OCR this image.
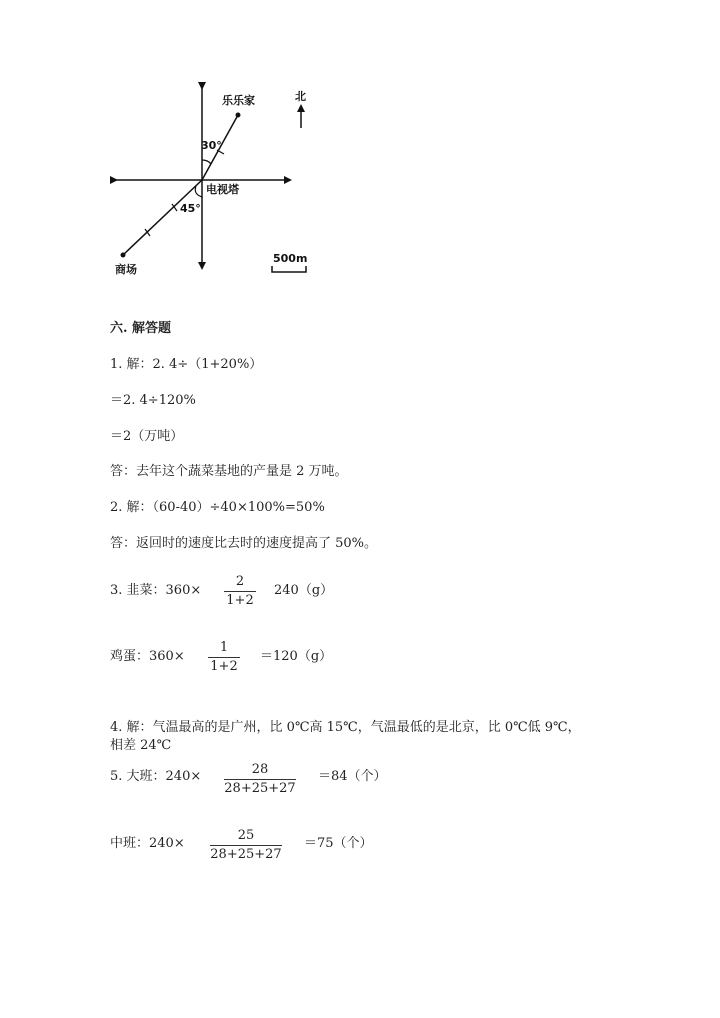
乐乐家
电视塔
商场
北
30°
45°
500m
六. 解答题
1. 解：2. 4÷（1+20%）
＝2. 4÷120%
＝2（万吨）
答：去年这个蔬菜基地的产量是 2 万吨。
2. 解：（60-40）÷40×100%=50%
答：返回时的速度比去时的速度提高了 50%。
3. 韭菜：360×
2
1+2
240（g）
鸡蛋：360×
1
1+2
＝120（g）
4. 解：气温最高的是广州，比 0℃高 15℃，气温最低的是北京，比 0℃低 9℃，
相差 24℃
5. 大班：240×	28
28+25+27
＝84（个）
中班：240×
25
28+25+27
＝75（个）
